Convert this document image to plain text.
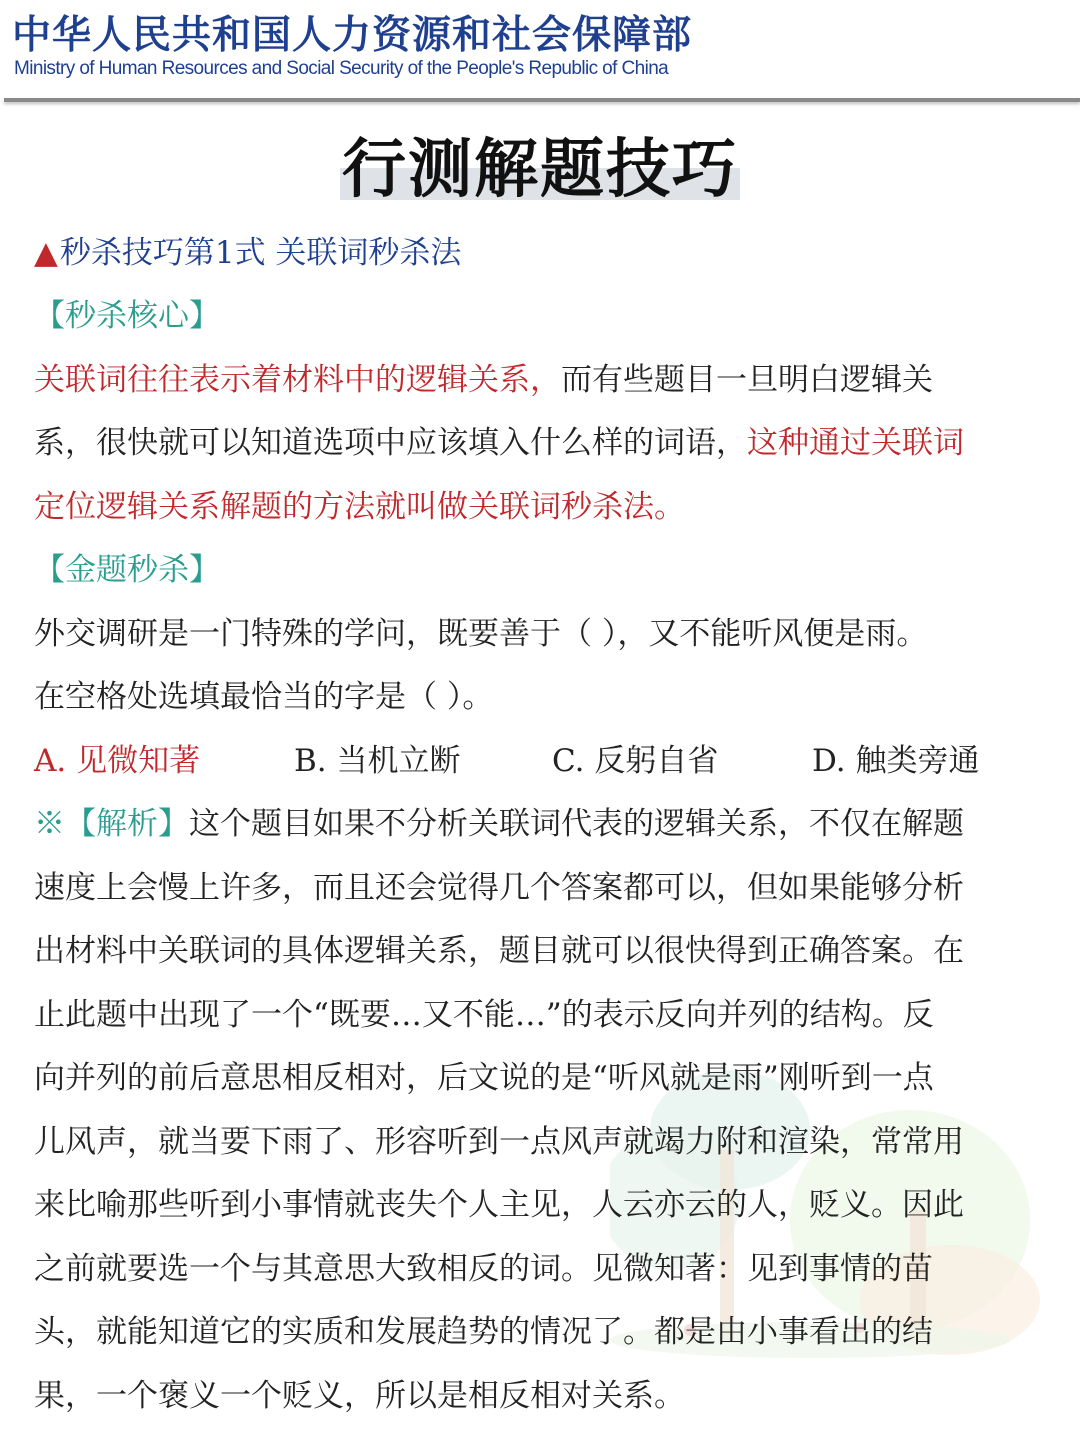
中华人民共和国人力资源和社会保障部
Ministry of Human Resources and Social Security of the People's Republic of China
行测解题技巧
▲秒杀技巧第1式 关联词秒杀法
【秒杀核心】
关联词往往表示着材料中的逻辑关系，而有些题目一旦明白逻辑关
系，很快就可以知道选项中应该填入什么样的词语，这种通过关联词
定位逻辑关系解题的方法就叫做关联词秒杀法。
【金题秒杀】
外交调研是一门特殊的学问，既要善于（ ），又不能听风便是雨。
在空格处选填最恰当的字是（ ）。
A. 见微知著	B. 当机立断	C. 反躬自省	D. 触类旁通
※【解析】这个题目如果不分析关联词代表的逻辑关系，不仅在解题
速度上会慢上许多，而且还会觉得几个答案都可以，但如果能够分析
出材料中关联词的具体逻辑关系，题目就可以很快得到正确答案。在
止此题中出现了一个“既要…又不能…”的表示反向并列的结构。反
向并列的前后意思相反相对，后文说的是“听风就是雨”刚听到一点
儿风声，就当要下雨了、形容听到一点风声就竭力附和渲染，常常用
来比喻那些听到小事情就丧失个人主见，人云亦云的人，贬义。因此
之前就要选一个与其意思大致相反的词。见微知著：见到事情的苗
头，就能知道它的实质和发展趋势的情况了。都是由小事看出的结
果，一个褒义一个贬义，所以是相反相对关系。
